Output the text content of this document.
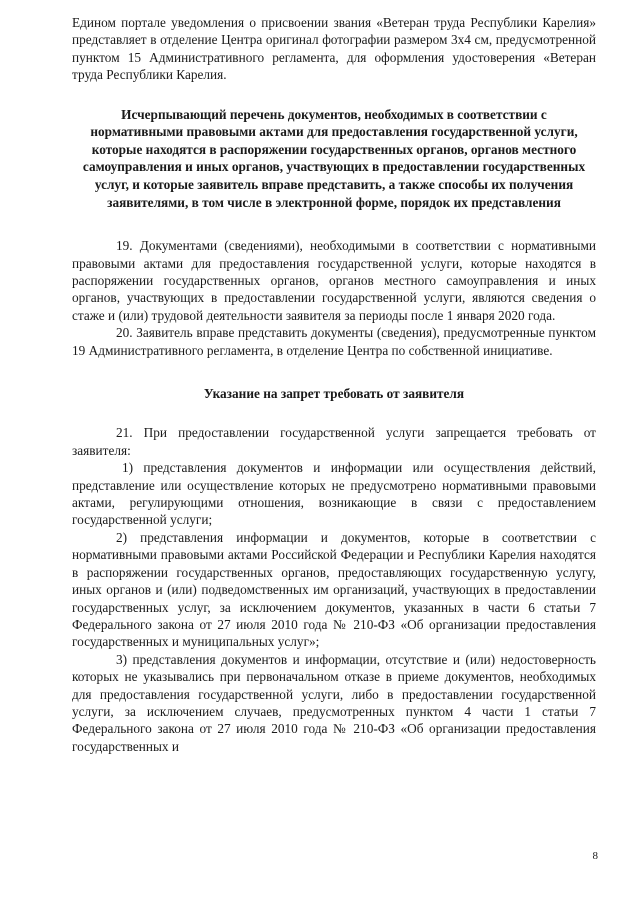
Едином портале уведомления о присвоении звания «Ветеран труда Республики Карелия» представляет в отделение Центра оригинал фотографии размером 3х4 см, предусмотренной пунктом 15 Административного регламента, для оформления удостоверения «Ветеран труда Республики Карелия.

Исчерпывающий перечень документов, необходимых в соответствии с нормативными правовыми актами для предоставления государственной услуги, которые находятся в распоряжении государственных органов, органов местного самоуправления и иных органов, участвующих в предоставлении государственных услуг, и которые заявитель вправе представить, а также способы их получения заявителями, в том числе в электронной форме, порядок их представления

19. Документами (сведениями), необходимыми в соответствии с нормативными правовыми актами для предоставления государственной услуги, которые находятся в распоряжении государственных органов, органов местного самоуправления и иных органов, участвующих в предоставлении государственной услуги, являются сведения о стаже и (или) трудовой деятельности заявителя за периоды после 1 января 2020 года.

20. Заявитель вправе представить документы (сведения), предусмотренные пунктом 19 Административного регламента, в отделение Центра по собственной инициативе.

Указание на запрет требовать от заявителя

21. При предоставлении государственной услуги запрещается требовать от заявителя:

1) представления документов и информации или осуществления действий, представление или осуществление которых не предусмотрено нормативными правовыми актами, регулирующими отношения, возникающие в связи с предоставлением государственной услуги;

2) представления информации и документов, которые в соответствии с нормативными правовыми актами Российской Федерации и Республики Карелия находятся в распоряжении государственных органов, предоставляющих государственную услугу, иных органов и (или) подведомственных им организаций, участвующих в предоставлении государственных услуг, за исключением документов, указанных в части 6 статьи 7 Федерального закона от 27 июля 2010 года № 210-ФЗ «Об организации предоставления государственных и муниципальных услуг»;

3) представления документов и информации, отсутствие и (или) недостоверность которых не указывались при первоначальном отказе в приеме документов, необходимых для предоставления государственной услуги, либо в предоставлении государственной услуги, за исключением случаев, предусмотренных пунктом 4 части 1 статьи 7 Федерального закона от 27 июля 2010 года № 210-ФЗ «Об организации предоставления государственных и

8
